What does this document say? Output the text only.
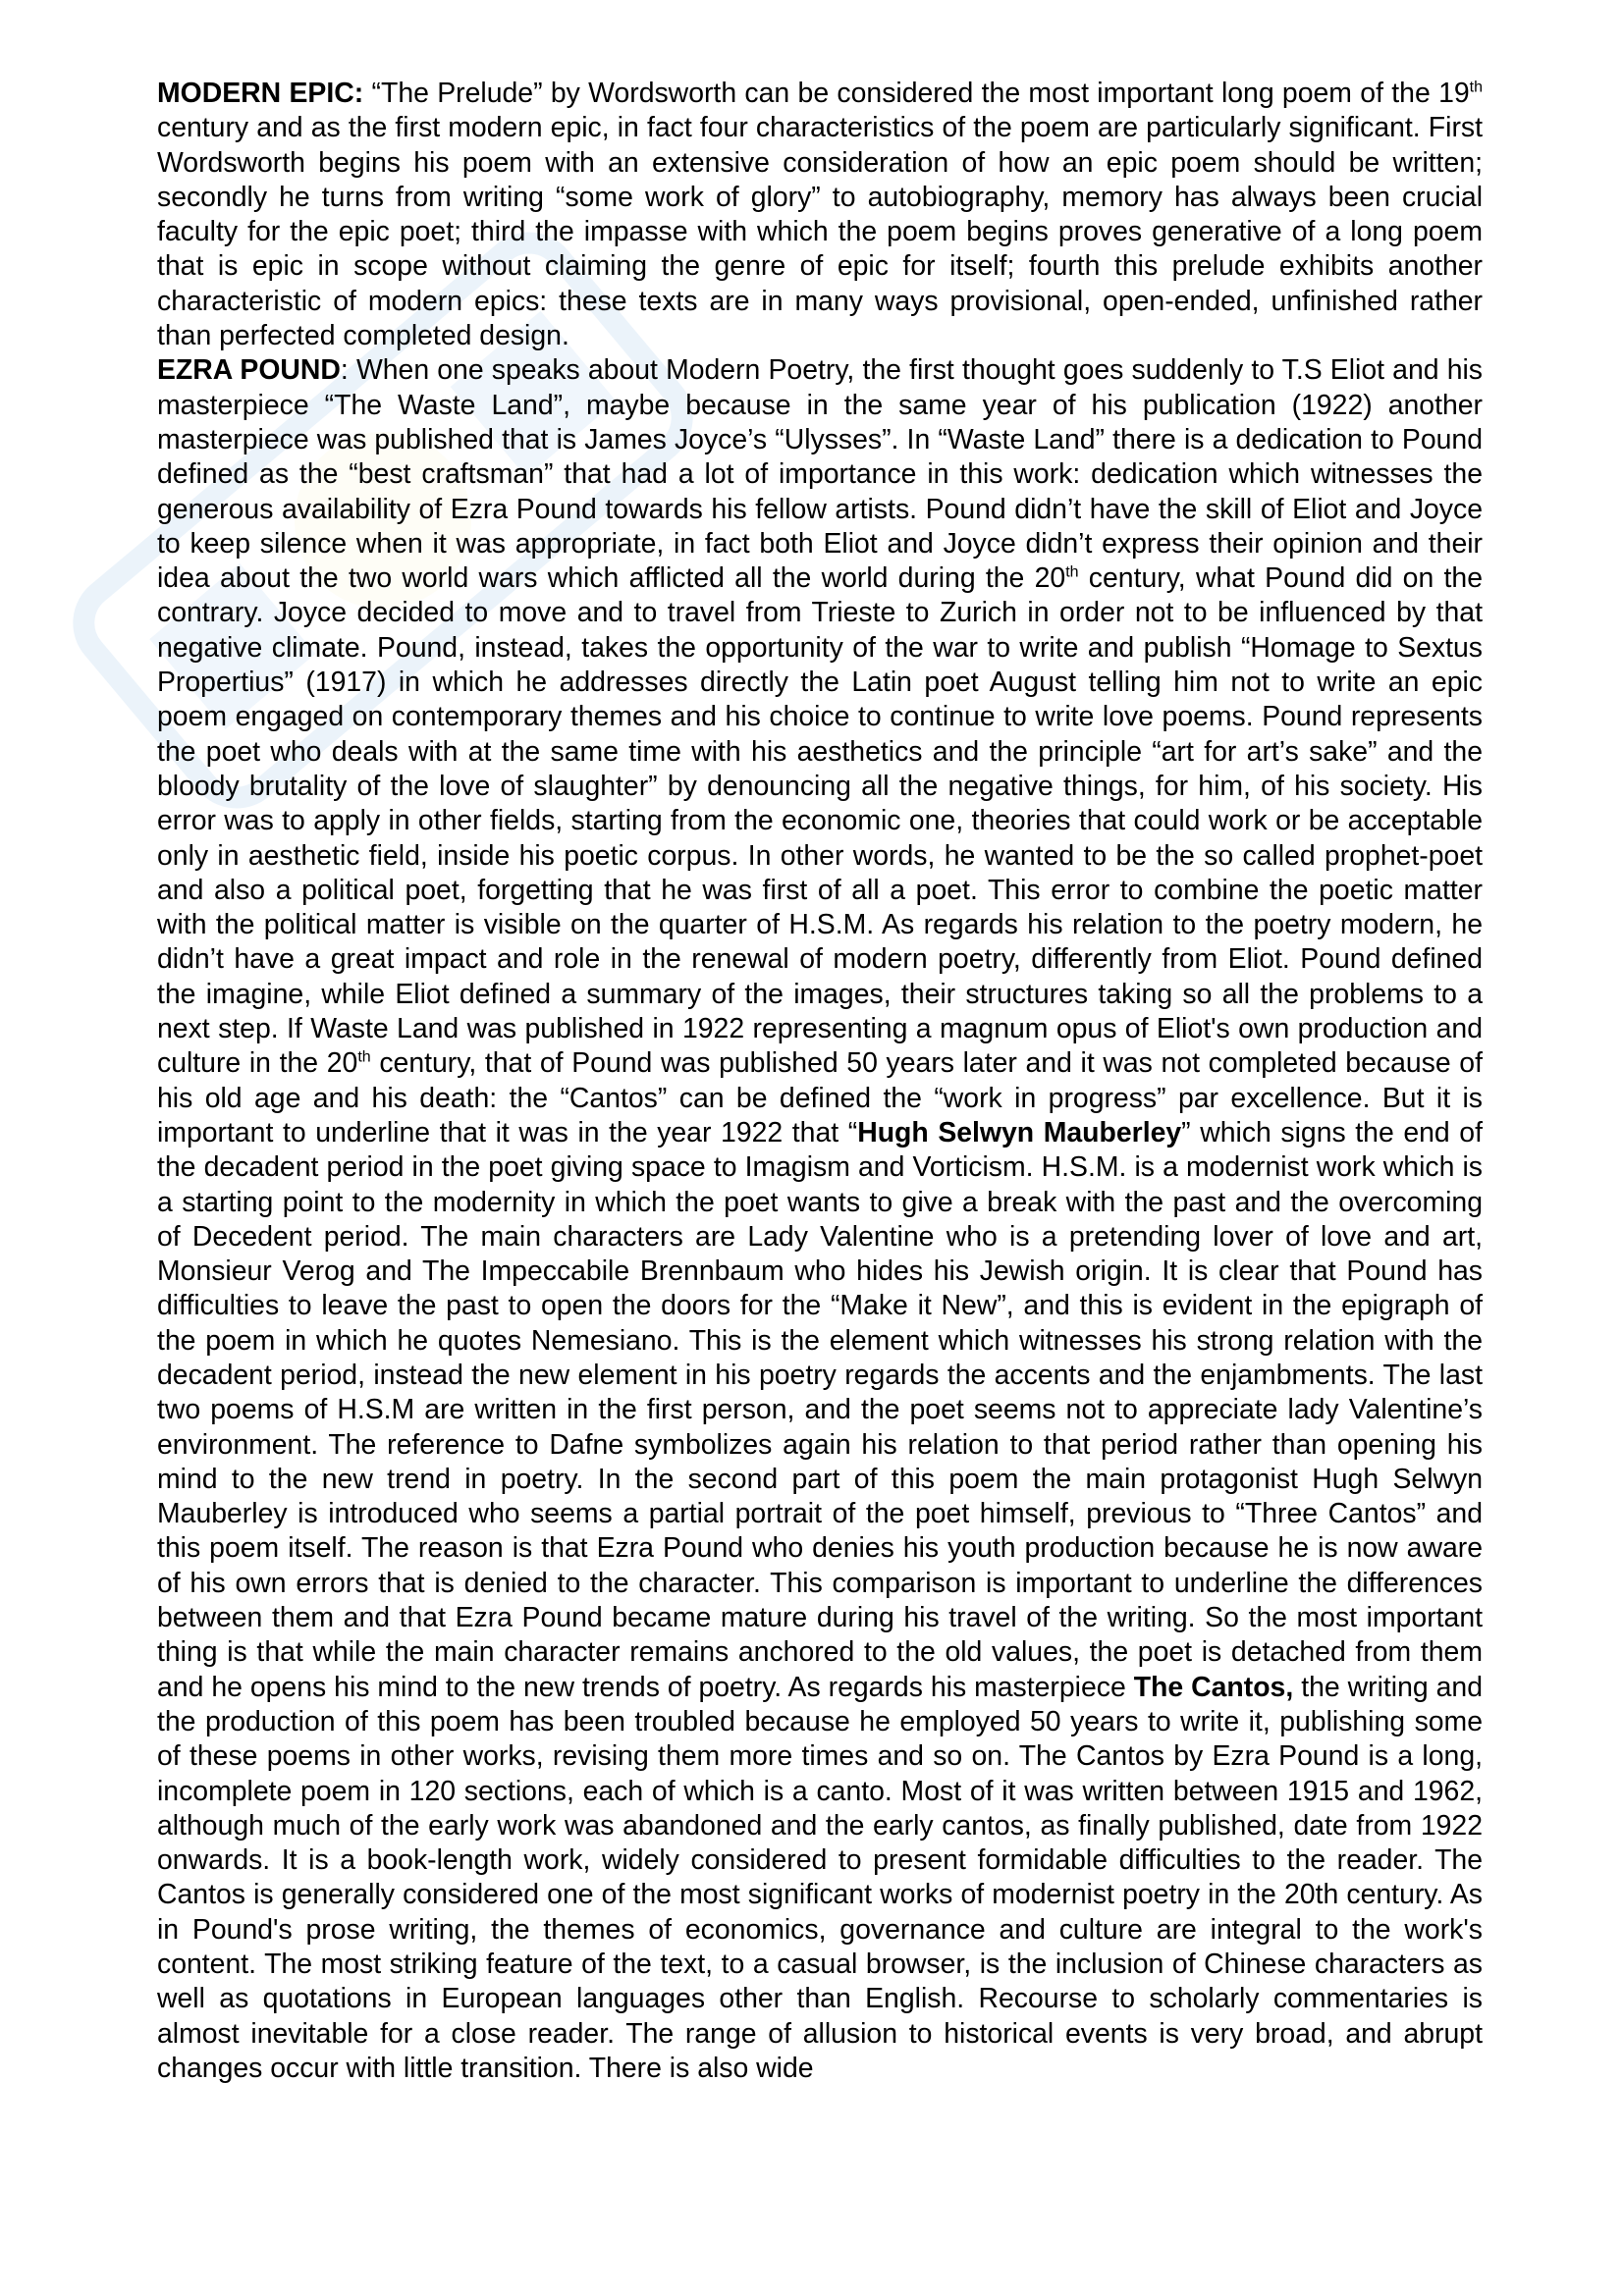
MODERN EPIC: “The Prelude” by Wordsworth can be considered the most important long poem of the 19th century and as the first modern epic, in fact four characteristics of the poem are particularly significant. First Wordsworth begins his poem with an extensive consideration of how an epic poem should be written; secondly he turns from writing “some work of glory” to autobiography, memory has always been crucial faculty for the epic poet; third the impasse with which the poem begins proves generative of a long poem that is epic in scope without claiming the genre of epic for itself; fourth this prelude exhibits another characteristic of modern epics: these texts are in many ways provisional, open-ended, unfinished rather than perfected completed design.

EZRA POUND: When one speaks about Modern Poetry, the first thought goes suddenly to T.S Eliot and his masterpiece “The Waste Land”, maybe because in the same year of his publication (1922) another masterpiece was published that is James Joyce’s “Ulysses”. In “Waste Land” there is a dedication to Pound defined as the “best craftsman” that had a lot of importance in this work: dedication which witnesses the generous availability of Ezra Pound towards his fellow artists. Pound didn’t have the skill of Eliot and Joyce to keep silence when it was appropriate, in fact both Eliot and Joyce didn’t express their opinion and their idea about the two world wars which afflicted all the world during the 20th century, what Pound did on the contrary. Joyce decided to move and to travel from Trieste to Zurich in order not to be influenced by that negative climate. Pound, instead, takes the opportunity of the war to write and publish “Homage to Sextus Propertius” (1917) in which he addresses directly the Latin poet August telling him not to write an epic poem engaged on contemporary themes and his choice to continue to write love poems. Pound represents the poet who deals with at the same time with his aesthetics and the principle “art for art’s sake” and the bloody brutality of the love of slaughter” by denouncing all the negative things, for him, of his society. His error was to apply in other fields, starting from the economic one, theories that could work or be acceptable only in aesthetic field, inside his poetic corpus. In other words, he wanted to be the so called prophet-poet and also a political poet, forgetting that he was first of all a poet. This error to combine the poetic matter with the political matter is visible on the quarter of H.S.M. As regards his relation to the poetry modern, he didn’t have a great impact and role in the renewal of modern poetry, differently from Eliot. Pound defined the imagine, while Eliot defined a summary of the images, their structures taking so all the problems to a next step. If Waste Land was published in 1922 representing a magnum opus of Eliot's own production and culture in the 20th century, that of Pound was published 50 years later and it was not completed because of his old age and his death: the “Cantos” can be defined the “work in progress” par excellence. But it is important to underline that it was in the year 1922 that “Hugh Selwyn Mauberley” which signs the end of the decadent period in the poet giving space to Imagism and Vorticism. H.S.M. is a modernist work which is a starting point to the modernity in which the poet wants to give a break with the past and the overcoming of Decedent period. The main characters are Lady Valentine who is a pretending lover of love and art, Monsieur Verog and The Impeccabile Brennbaum who hides his Jewish origin. It is clear that Pound has difficulties to leave the past to open the doors for the “Make it New”, and this is evident in the epigraph of the poem in which he quotes Nemesiano. This is the element which witnesses his strong relation with the decadent period, instead the new element in his poetry regards the accents and the enjambments. The last two poems of H.S.M are written in the first person, and the poet seems not to appreciate lady Valentine’s environment. The reference to Dafne symbolizes again his relation to that period rather than opening his mind to the new trend in poetry. In the second part of this poem the main protagonist Hugh Selwyn Mauberley is introduced who seems a partial portrait of the poet himself, previous to “Three Cantos” and this poem itself. The reason is that Ezra Pound who denies his youth production because he is now aware of his own errors that is denied to the character. This comparison is important to underline the differences between them and that Ezra Pound became mature during his travel of the writing. So the most important thing is that while the main character remains anchored to the old values, the poet is detached from them and he opens his mind to the new trends of poetry. As regards his masterpiece The Cantos, the writing and the production of this poem has been troubled because he employed 50 years to write it, publishing some of these poems in other works, revising them more times and so on. The Cantos by Ezra Pound is a long, incomplete poem in 120 sections, each of which is a canto. Most of it was written between 1915 and 1962, although much of the early work was abandoned and the early cantos, as finally published, date from 1922 onwards. It is a book-length work, widely considered to present formidable difficulties to the reader. The Cantos is generally considered one of the most significant works of modernist poetry in the 20th century. As in Pound's prose writing, the themes of economics, governance and culture are integral to the work's content. The most striking feature of the text, to a casual browser, is the inclusion of Chinese characters as well as quotations in European languages other than English. Recourse to scholarly commentaries is almost inevitable for a close reader. The range of allusion to historical events is very broad, and abrupt changes occur with little transition. There is also wide
